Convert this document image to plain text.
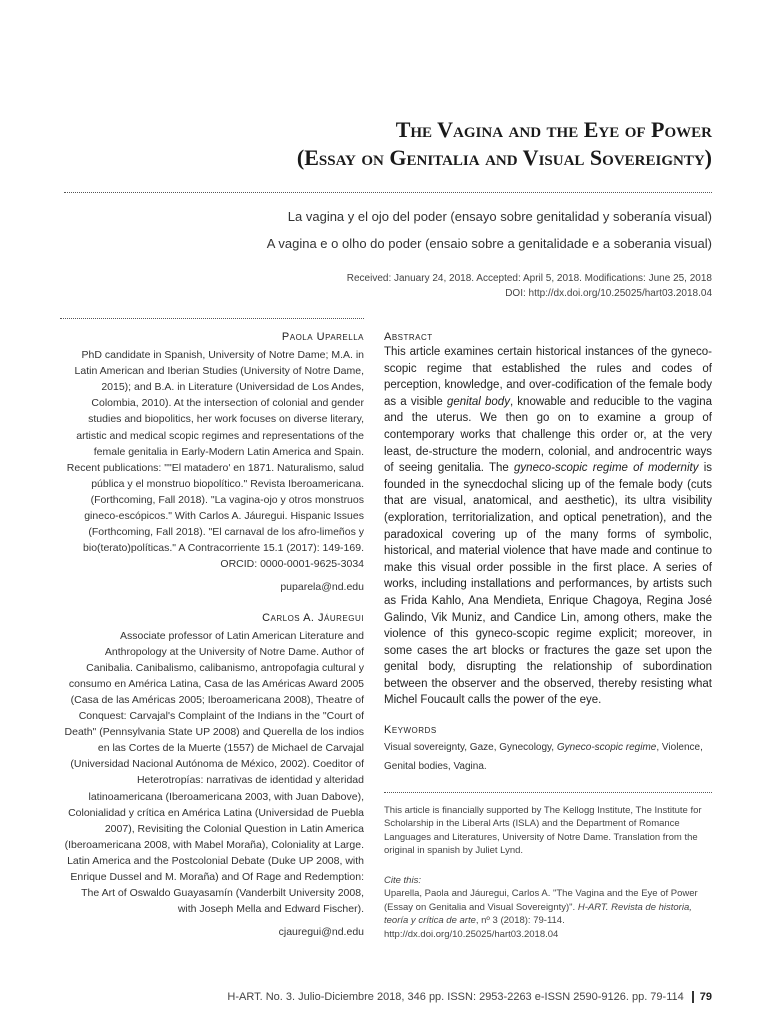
The Vagina and the Eye of Power
(Essay on Genitalia and Visual Sovereignty)
La vagina y el ojo del poder (ensayo sobre genitalidad y soberanía visual)
A vagina e o olho do poder (ensaio sobre a genitalidade e a soberania visual)
Received: January 24, 2018. Accepted: April 5, 2018. Modifications: June 25, 2018
DOI: http://dx.doi.org/10.25025/hart03.2018.04

Paola Uparella

PhD candidate in Spanish, University of Notre Dame; M.A. in Latin American and Iberian Studies (University of Notre Dame, 2015); and B.A. in Literature (Universidad de Los Andes, Colombia, 2010). At the intersection of colonial and gender studies and biopolitics, her work focuses on diverse literary, artistic and medical scopic regimes and representations of the female genitalia in Early-Modern Latin America and Spain. Recent publications: ""El matadero' en 1871. Naturalismo, salud pública y el monstruo biopolítico." Revista Iberoamericana. (Forthcoming, Fall 2018). "La vagina-ojo y otros monstruos gineco-escópicos." With Carlos A. Jáuregui. Hispanic Issues (Forthcoming, Fall 2018). "El carnaval de los afro-limeños y bio(terato)políticas." A Contracorriente 15.1 (2017): 149-169.

ORCID: 0000-0001-9625-3034

puparela@nd.edu

Carlos A. Jáuregui

Associate professor of Latin American Literature and Anthropology at the University of Notre Dame. Author of Canibalia. Canibalismo, calibanismo, antropofagia cultural y consumo en América Latina, Casa de las Américas Award 2005 (Casa de las Américas 2005; Iberoamericana 2008), Theatre of Conquest: Carvajal's Complaint of the Indians in the "Court of Death" (Pennsylvania State UP 2008) and Querella de los indios en las Cortes de la Muerte (1557) de Michael de Carvajal (Universidad Nacional Autónoma de México, 2002). Coeditor of Heterotropías: narrativas de identidad y alteridad latinoamericana (Iberoamericana 2003, with Juan Dabove), Colonialidad y crítica en América Latina (Universidad de Puebla 2007), Revisiting the Colonial Question in Latin America (Iberoamericana 2008, with Mabel Moraña), Coloniality at Large. Latin America and the Postcolonial Debate (Duke UP 2008, with Enrique Dussel and M. Moraña) and Of Rage and Redemption: The Art of Oswaldo Guayasamín (Vanderbilt University 2008, with Joseph Mella and Edward Fischer).

cjauregui@nd.edu

Abstract

This article examines certain historical instances of the gyneco-scopic regime that established the rules and codes of perception, knowledge, and over-codification of the female body as a visible genital body, knowable and reducible to the vagina and the uterus. We then go on to examine a group of contemporary works that challenge this order or, at the very least, de-structure the modern, colonial, and androcentric ways of seeing genitalia. The gyneco-scopic regime of modernity is founded in the synecdochal slicing up of the female body (cuts that are visual, anatomical, and aesthetic), its ultra visibility (exploration, territorialization, and optical penetration), and the paradoxical covering up of the many forms of symbolic, historical, and material violence that have made and continue to make this visual order possible in the first place. A series of works, including installations and performances, by artists such as Frida Kahlo, Ana Mendieta, Enrique Chagoya, Regina José Galindo, Vik Muniz, and Candice Lin, among others, make the violence of this gyneco-scopic regime explicit; moreover, in some cases the art blocks or fractures the gaze set upon the genital body, disrupting the relationship of subordination between the observer and the observed, thereby resisting what Michel Foucault calls the power of the eye.

Keywords
Visual sovereignty, Gaze, Gynecology, Gyneco-scopic regime, Violence, Genital bodies, Vagina.
This article is financially supported by The Kellogg Institute, The Institute for Scholarship in the Liberal Arts (ISLA) and the Department of Romance Languages and Literatures, University of Notre Dame. Translation from the original in spanish by Juliet Lynd.
Cite this:
Uparella, Paola and Jáuregui, Carlos A. "The Vagina and the Eye of Power (Essay on Genitalia and Visual Sovereignty)". H-ART. Revista de historia, teoría y crítica de arte, nº 3 (2018): 79-114. http://dx.doi.org/10.25025/hart03.2018.04
H-ART. No. 3. Julio-Diciembre 2018, 346 pp. ISSN: 2953-2263 e-ISSN 2590-9126. pp. 79-114 79
